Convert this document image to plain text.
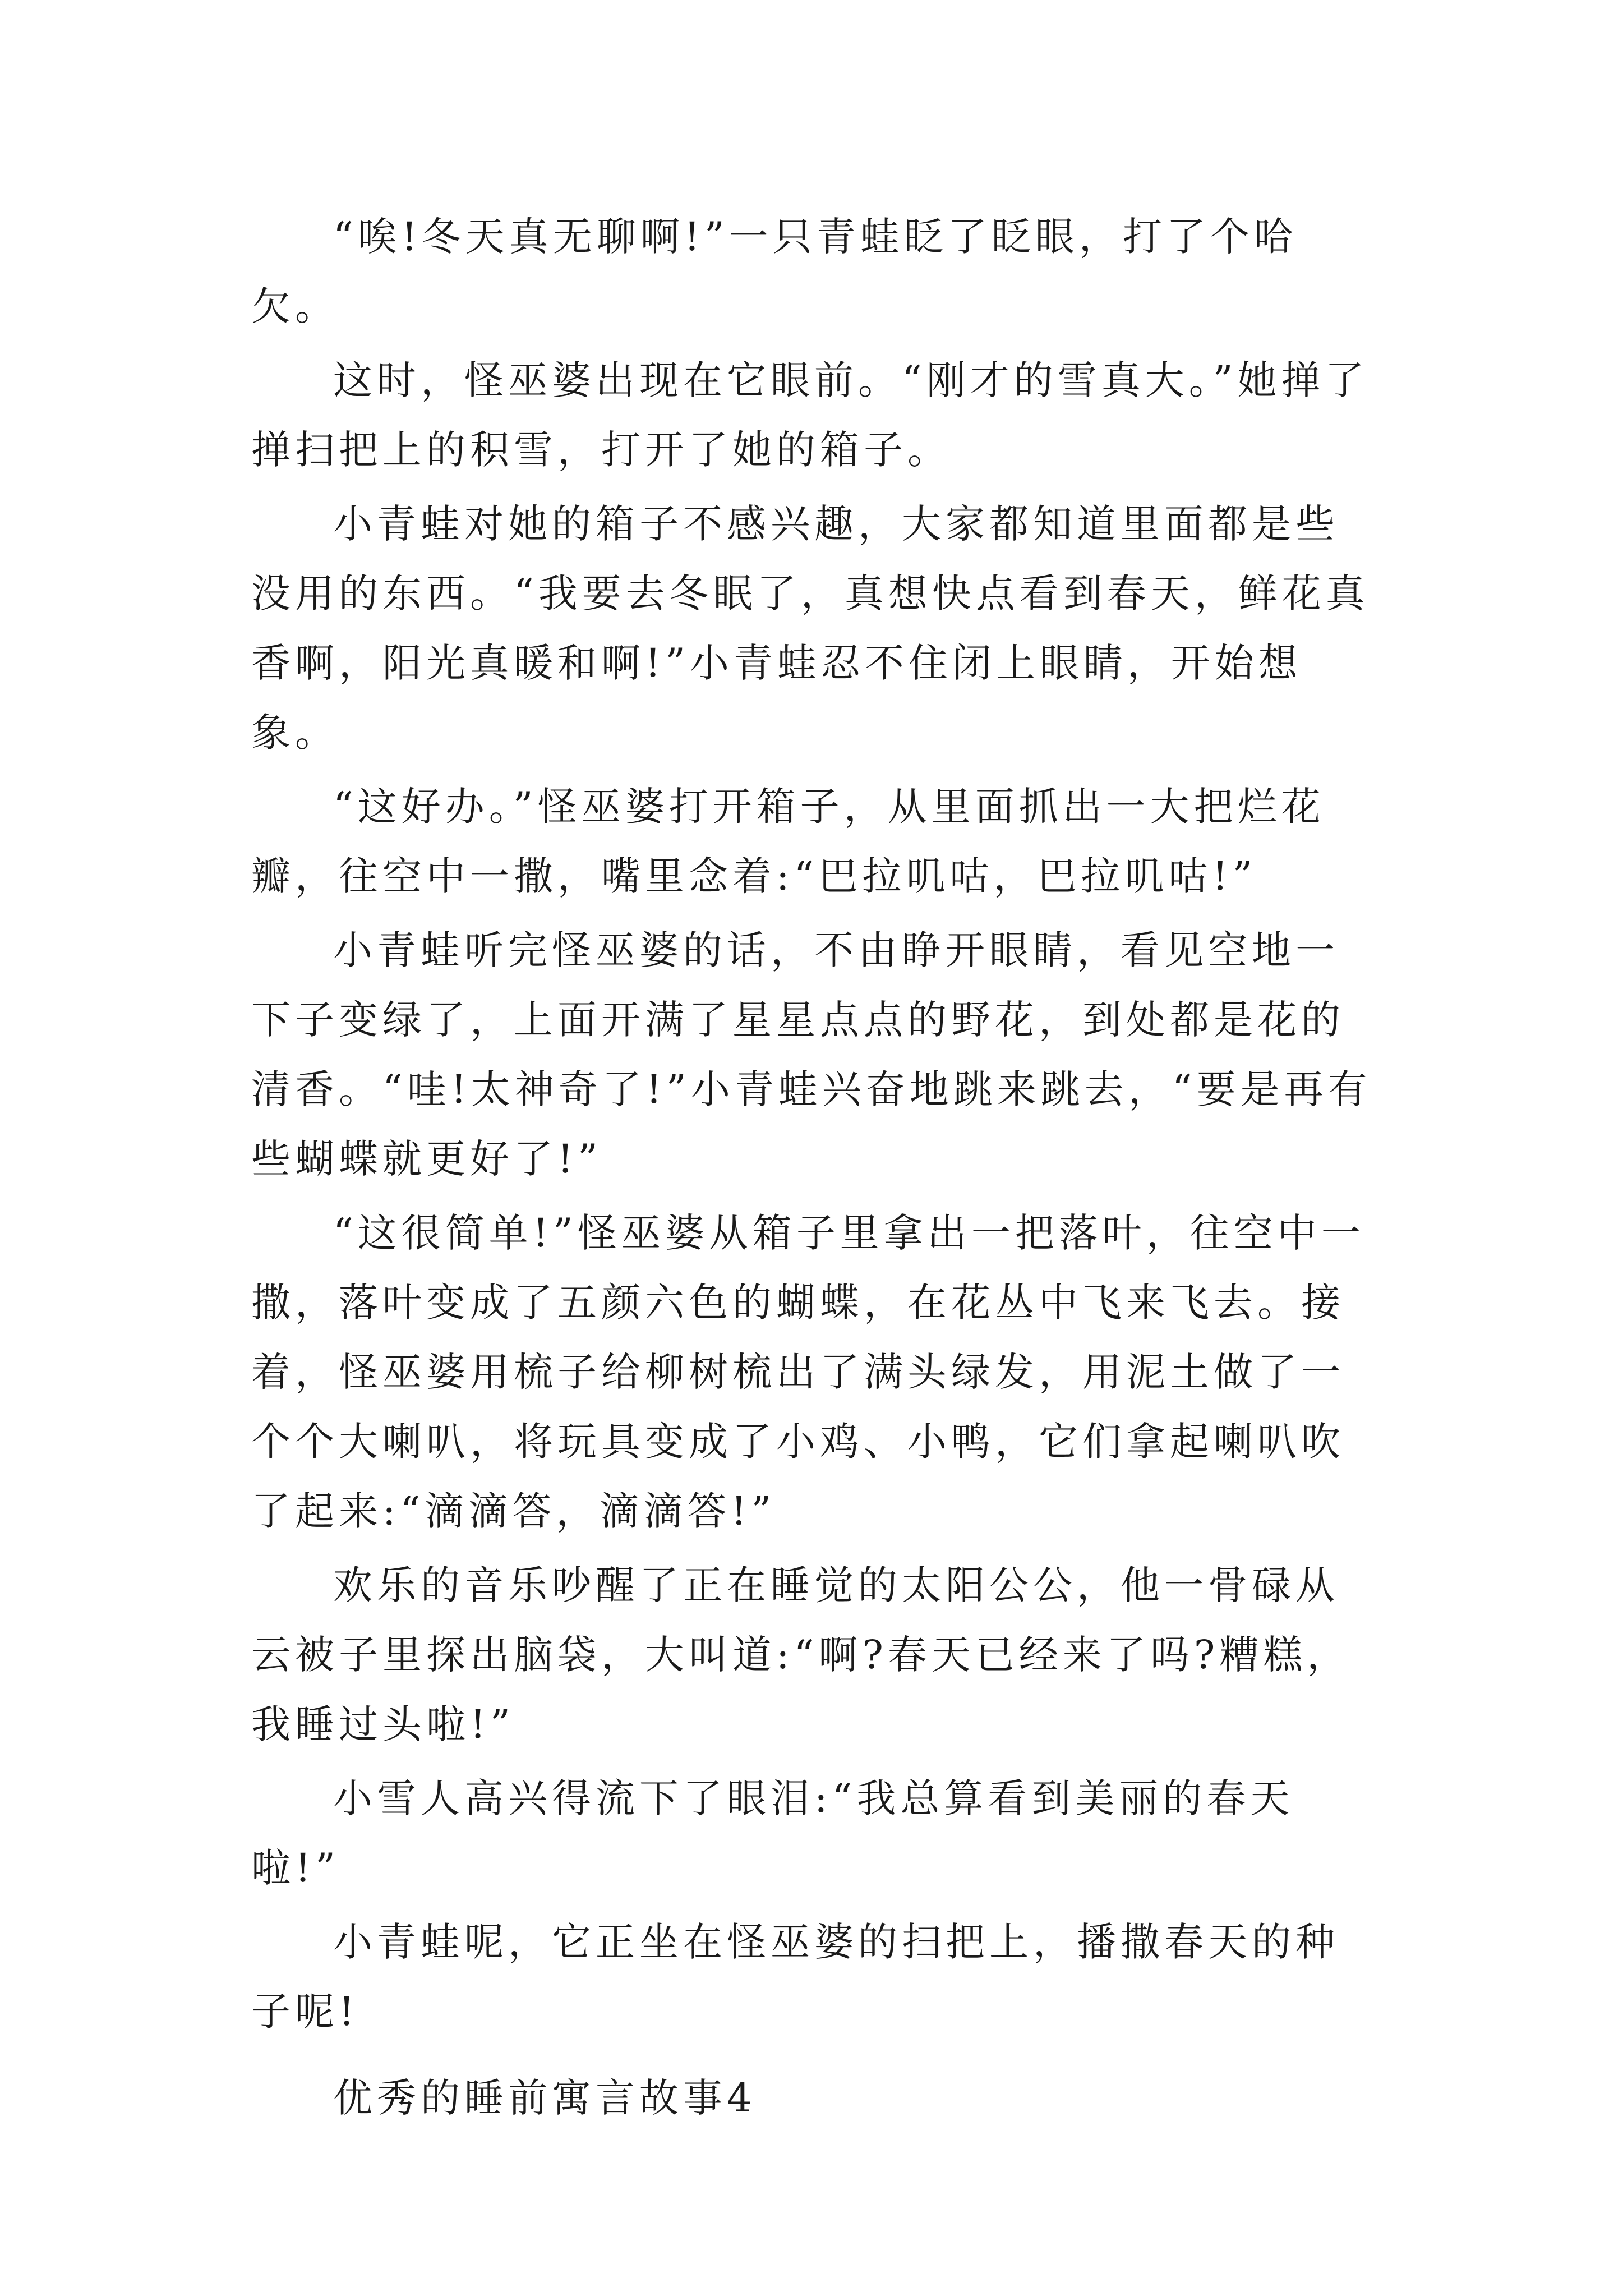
“唉!冬天真无聊啊!”一只青蛙眨了眨眼，打了个哈欠。

这时，怪巫婆出现在它眼前。“刚才的雪真大。”她掸了掸扫把上的积雪，打开了她的箱子。

小青蛙对她的箱子不感兴趣，大家都知道里面都是些没用的东西。“我要去冬眠了，真想快点看到春天，鲜花真香啊，阳光真暖和啊!”小青蛙忍不住闭上眼睛，开始想象。

“这好办。”怪巫婆打开箱子，从里面抓出一大把烂花瓣，往空中一撒，嘴里念着:“巴拉叽咕，巴拉叽咕!”

小青蛙听完怪巫婆的话，不由睁开眼睛，看见空地一下子变绿了，上面开满了星星点点的野花，到处都是花的清香。“哇!太神奇了!”小青蛙兴奋地跳来跳去，“要是再有些蝴蝶就更好了!”

“这很简单!”怪巫婆从箱子里拿出一把落叶，往空中一撒，落叶变成了五颜六色的蝴蝶，在花丛中飞来飞去。接着，怪巫婆用梳子给柳树梳出了满头绿发，用泥土做了一个个大喇叭，将玩具变成了小鸡、小鸭，它们拿起喇叭吹了起来:“滴滴答，滴滴答!”

欢乐的音乐吵醒了正在睡觉的太阳公公，他一骨碌从云被子里探出脑袋，大叫道:“啊?春天已经来了吗?糟糕，我睡过头啦!”

小雪人高兴得流下了眼泪:“我总算看到美丽的春天啦!”

小青蛙呢，它正坐在怪巫婆的扫把上，播撒春天的种子呢!

优秀的睡前寓言故事4
